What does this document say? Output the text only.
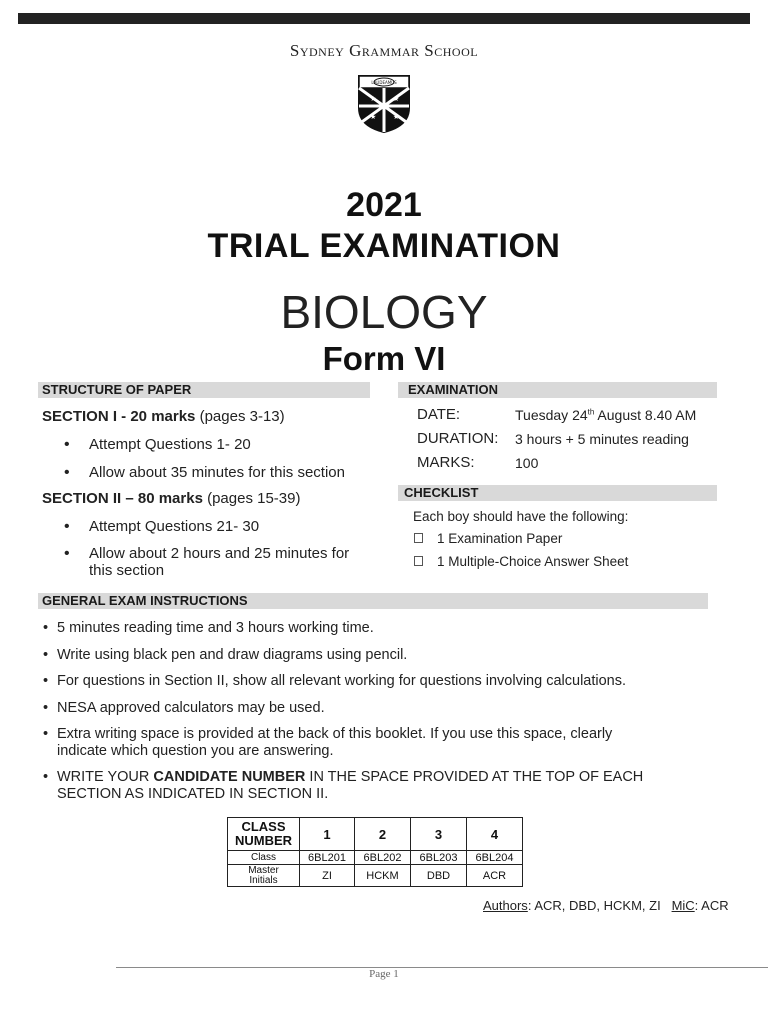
Sydney Grammar School
★ ★
★ ★
LAUDEAMUS
2021
TRIAL EXAMINATION
BIOLOGY
Form VI
STRUCTURE OF PAPER
SECTION I - 20 marks (pages 3-13)
• Attempt Questions 1- 20
• Allow about 35 minutes for this section
SECTION II – 80 marks (pages 15-39)
• Attempt Questions 21- 30
• Allow about 2 hours and 25 minutes for
this section
EXAMINATION
DATE:	Tuesday 24th August 8.40 AM
DURATION: 3 hours + 5 minutes reading
MARKS:	100
CHECKLIST
Each boy should have the following:
1 Examination Paper
1 Multiple-Choice Answer Sheet
GENERAL EXAM INSTRUCTIONS
• 5 minutes reading time and 3 hours working time.
• Write using black pen and draw diagrams using pencil.
• For questions in Section II, show all relevant working for questions involving calculations.
• NESA approved calculators may be used.
• Extra writing space is provided at the back of this booklet. If you use this space, clearly
indicate which question you are answering.
• WRITE YOUR CANDIDATE NUMBER IN THE SPACE PROVIDED AT THE TOP OF EACH
SECTION AS INDICATED IN SECTION II.
CLASS
NUMBER	1	2	3	4
Class	6BL201	6BL202	6BL203	6BL204
Master
Initials	ZI	HCKM	DBD	ACR
Authors: ACR, DBD, HCKM, ZI MiC: ACR
Page 1
